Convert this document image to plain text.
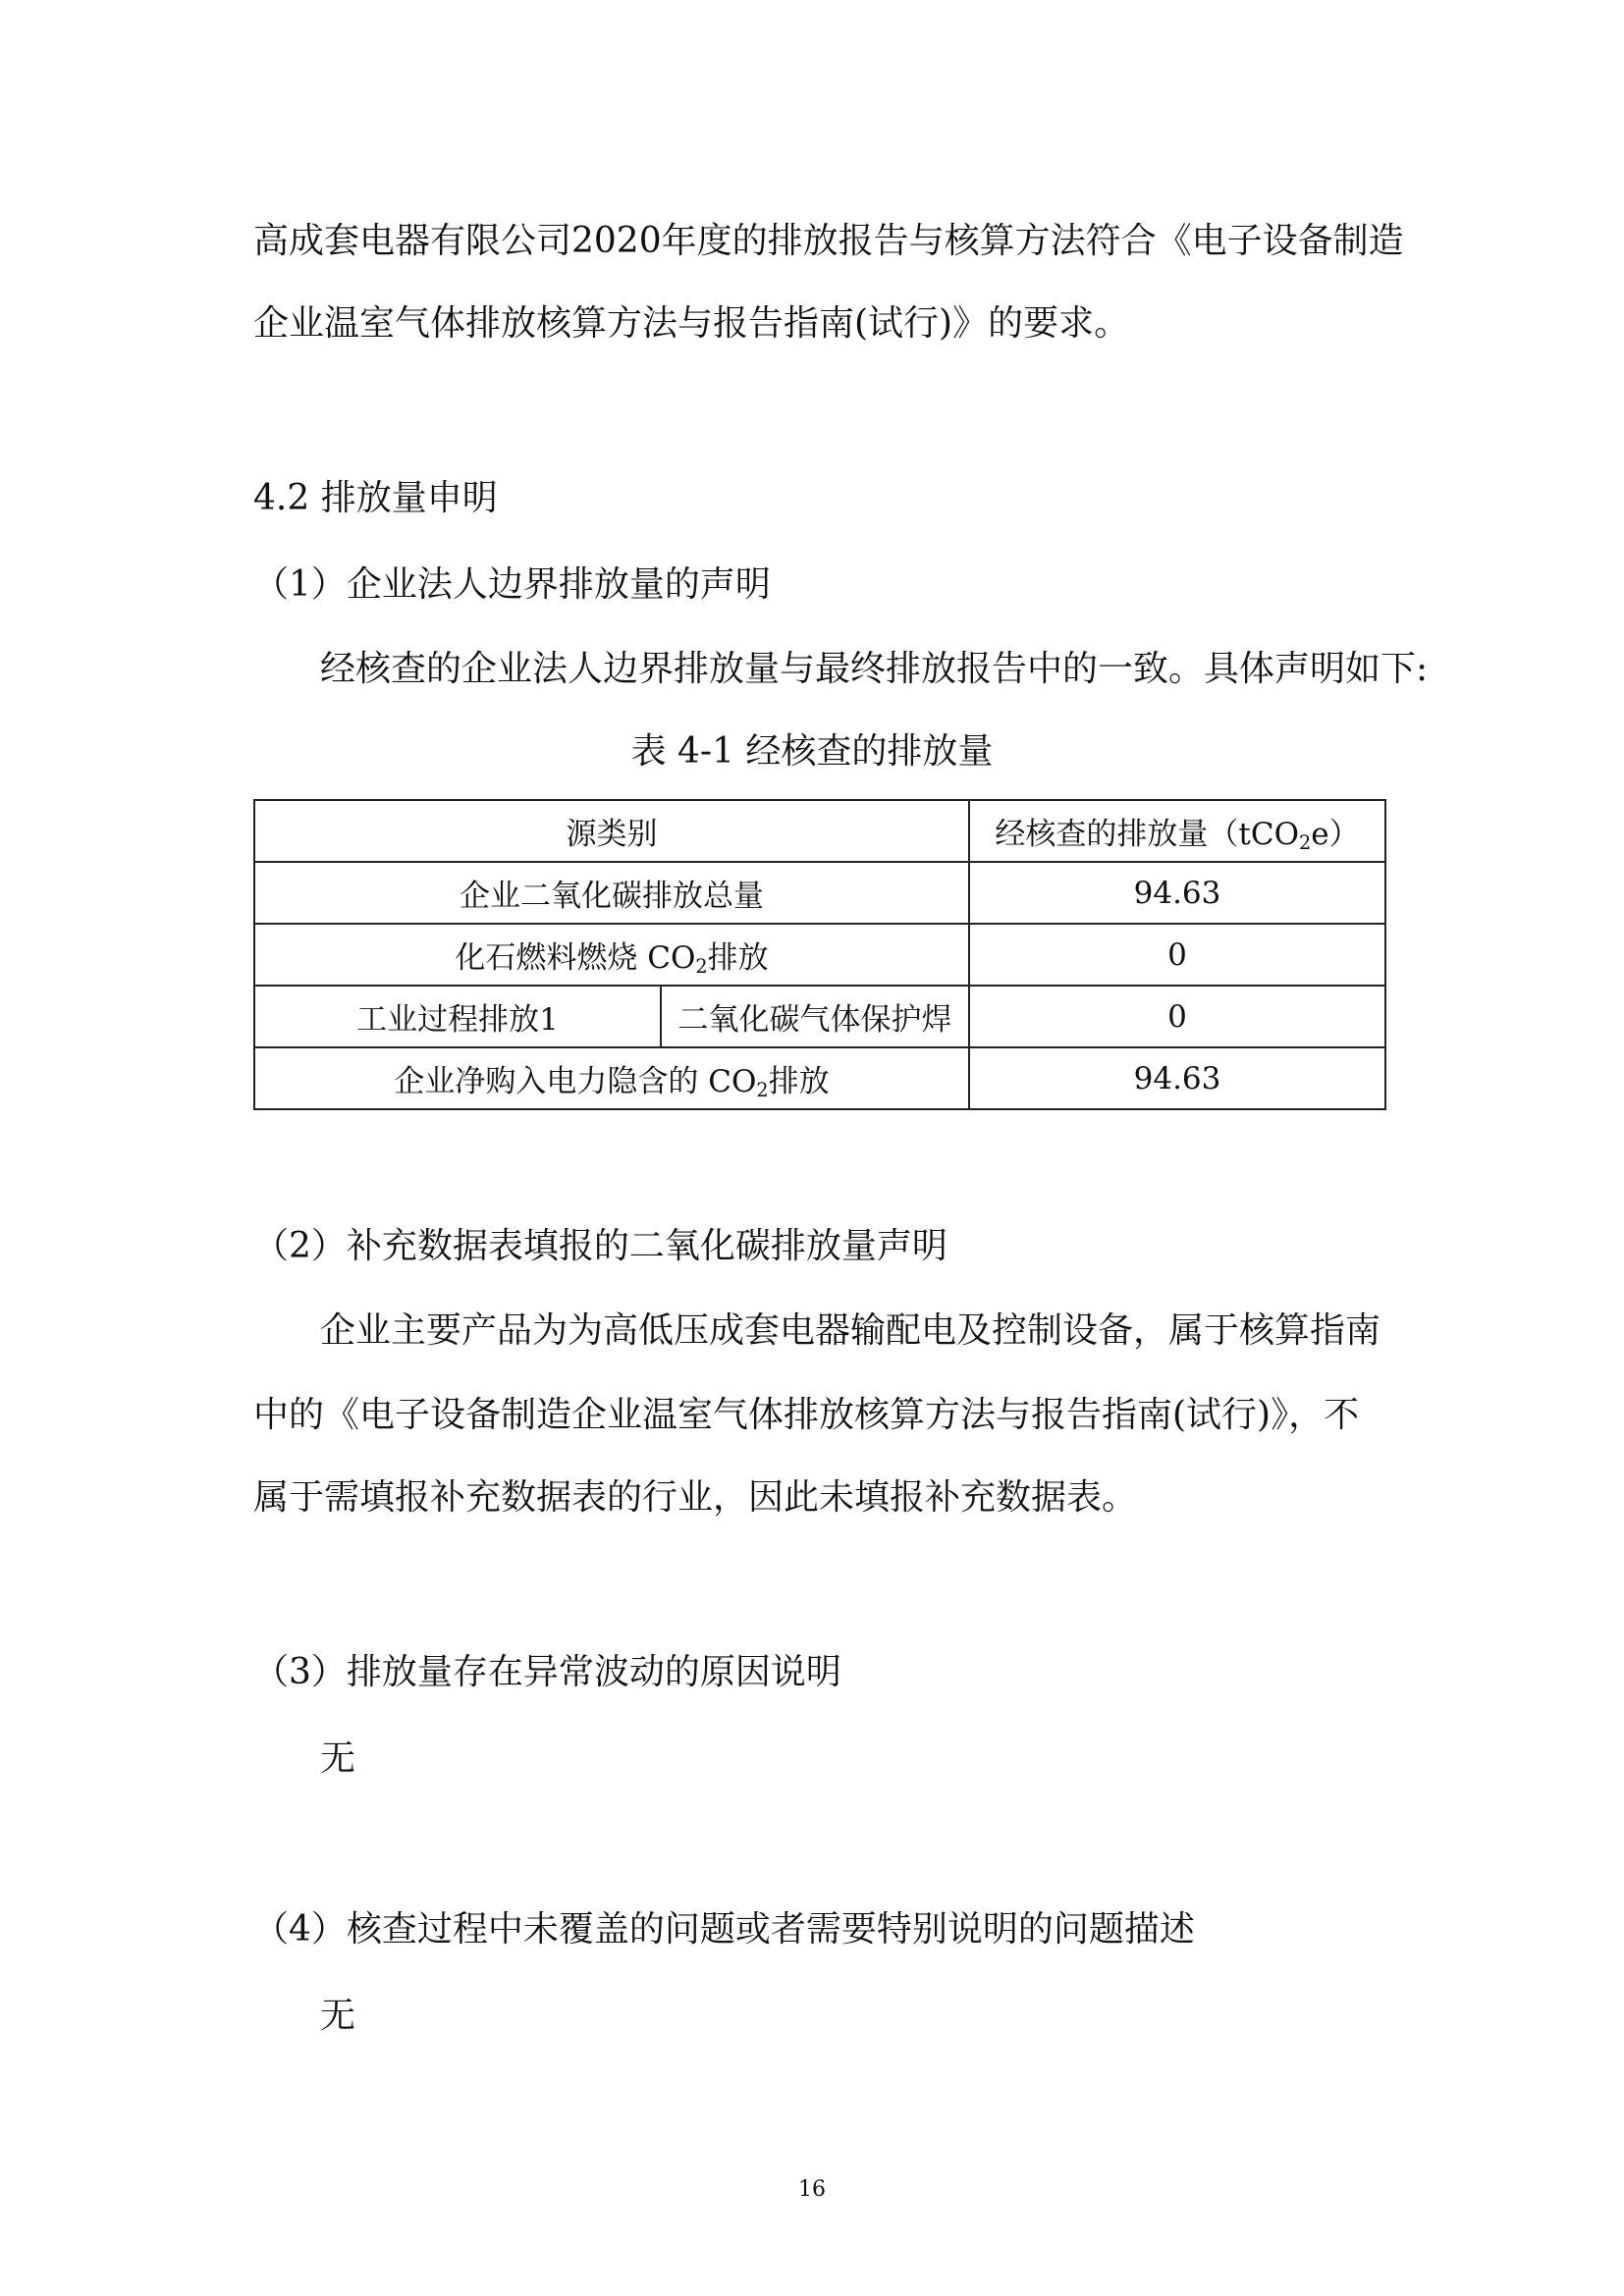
高成套电器有限公司2020年度的排放报告与核算方法符合《电子设备制造
企业温室气体排放核算方法与报告指南(试行)》的要求。
4.2 排放量申明
（1）企业法人边界排放量的声明
经核查的企业法人边界排放量与最终排放报告中的一致。具体声明如下:
表 4-1 经核查的排放量
源类别		经核查的排放量（tCO$_2$e）
企业二氧化碳排放总量		94.63
化石燃料燃烧 $CO_2$排放		0
工业过程排放1	二氧化碳气体保护焊	0
企业净购入电力隐含的 $CO_2$排放		94.63
（2）补充数据表填报的二氧化碳排放量声明
企业主要产品为为高低压成套电器输配电及控制设备，属于核算指南
中的《电子设备制造企业温室气体排放核算方法与报告指南(试行)》，不
属于需填报补充数据表的行业，因此未填报补充数据表。
（3）排放量存在异常波动的原因说明
无
（4）核查过程中未覆盖的问题或者需要特别说明的问题描述
无
16
